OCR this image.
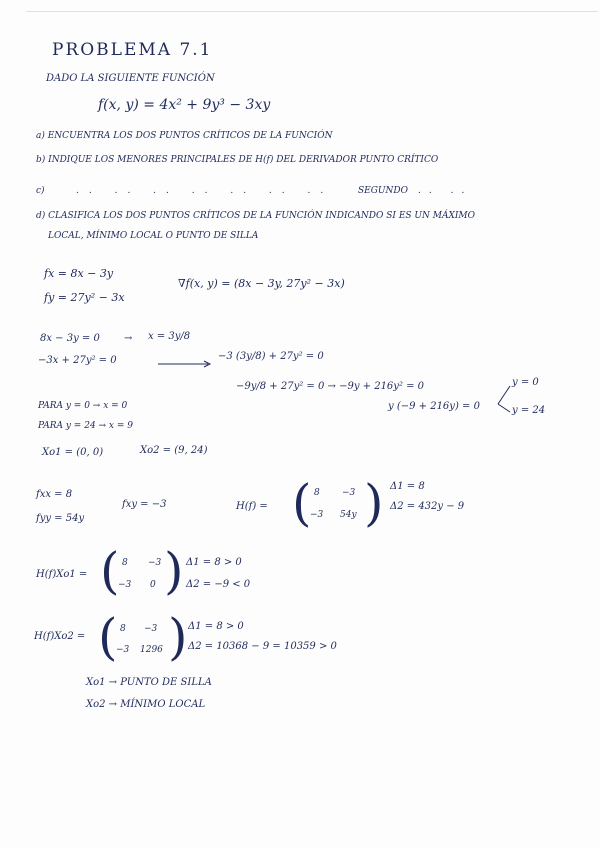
PROBLEMA 7.1
DADO LA SIGUIENTE FUNCIÓN
f(x, y) = 4x² + 9y³ − 3xy
a) ENCUENTRA LOS DOS PUNTOS CRÍTICOS DE LA FUNCIÓN
b) INDIQUE LOS MENORES PRINCIPALES DE H(f) DEL DERIVADOR PUNTO CRÍTICO
c)	.. .. .. .. .. .. ..	SEGUNDO .. ..
d) CLASIFICA LOS DOS PUNTOS CRÍTICOS DE LA FUNCIÓN INDICANDO SI ES UN MÁXIMO
LOCAL, MÍNIMO LOCAL O PUNTO DE SILLA
fx = 8x − 3y
fy = 27y² − 3x
∇f(x, y) = (8x − 3y, 27y² − 3x)
8x − 3y = 0 → x = 3y/8
−3x + 27y² = 0	−3 (3y/8) + 27y² = 0
−9y/8 + 27y² = 0 → −9y + 216y² = 0
y (−9 + 216y) = 0
y = 0
y = 24
PARA y = 0 → x = 0
PARA y = 24 → x = 9
Xo1 = (0, 0)	Xo2 = (9, 24)
fxx = 8
fyy = 54y
fxy = −3	H(f) = ( 8 −3
−3 54y ) Δ1 = 8
Δ2 = 432y − 9
H(f)Xo1 = ( 8 −3
−3 0 ) Δ1 = 8 > 0
Δ2 = −9 < 0
H(f)Xo2 = ( 8 −3
−3 1296 ) Δ1 = 8 > 0
Δ2 = 10368 − 9 = 10359 > 0
Xo1 → PUNTO DE SILLA
Xo2 → MÍNIMO LOCAL
